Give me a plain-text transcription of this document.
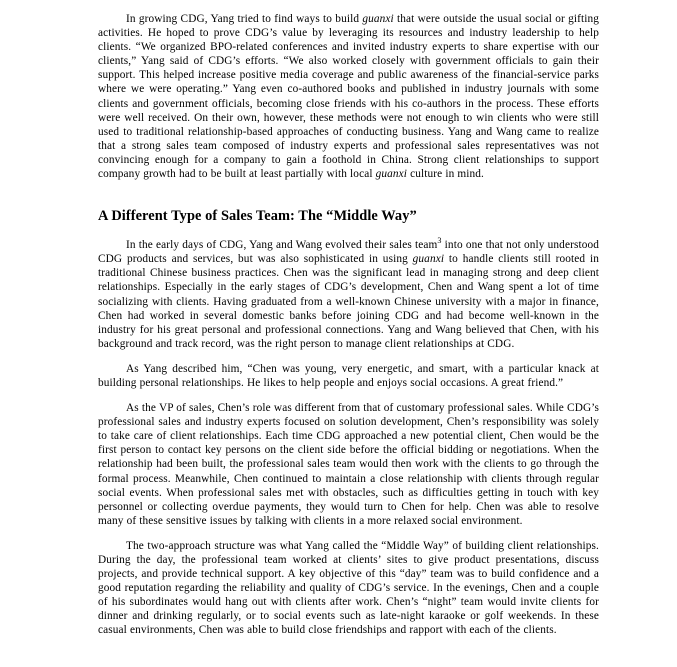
In growing CDG, Yang tried to find ways to build guanxi that were outside the usual social or gifting activities. He hoped to prove CDG’s value by leveraging its resources and industry leadership to help clients. “We organized BPO-related conferences and invited industry experts to share expertise with our clients,” Yang said of CDG’s efforts. “We also worked closely with government officials to gain their support. This helped increase positive media coverage and public awareness of the financial-service parks where we were operating.” Yang even co-authored books and published in industry journals with some clients and government officials, becoming close friends with his co-authors in the process. These efforts were well received. On their own, however, these methods were not enough to win clients who were still used to traditional relationship-based approaches of conducting business. Yang and Wang came to realize that a strong sales team composed of industry experts and professional sales representatives was not convincing enough for a company to gain a foothold in China. Strong client relationships to support company growth had to be built at least partially with local guanxi culture in mind.

A Different Type of Sales Team: The “Middle Way”

In the early days of CDG, Yang and Wang evolved their sales team$^3$ into one that not only understood CDG products and services, but was also sophisticated in using guanxi to handle clients still rooted in traditional Chinese business practices. Chen was the significant lead in managing strong and deep client relationships. Especially in the early stages of CDG’s development, Chen and Wang spent a lot of time socializing with clients. Having graduated from a well-known Chinese university with a major in finance, Chen had worked in several domestic banks before joining CDG and had become well-known in the industry for his great personal and professional connections. Yang and Wang believed that Chen, with his background and track record, was the right person to manage client relationships at CDG.

As Yang described him, “Chen was young, very energetic, and smart, with a particular knack at building personal relationships. He likes to help people and enjoys social occasions. A great friend.”

As the VP of sales, Chen’s role was different from that of customary professional sales. While CDG’s professional sales and industry experts focused on solution development, Chen’s responsibility was solely to take care of client relationships. Each time CDG approached a new potential client, Chen would be the first person to contact key persons on the client side before the official bidding or negotiations. When the relationship had been built, the professional sales team would then work with the clients to go through the formal process. Meanwhile, Chen continued to maintain a close relationship with clients through regular social events. When professional sales met with obstacles, such as difficulties getting in touch with key personnel or collecting overdue payments, they would turn to Chen for help. Chen was able to resolve many of these sensitive issues by talking with clients in a more relaxed social environment.

The two-approach structure was what Yang called the “Middle Way” of building client relationships. During the day, the professional team worked at clients’ sites to give product presentations, discuss projects, and provide technical support. A key objective of this “day” team was to build confidence and a good reputation regarding the reliability and quality of CDG’s service. In the evenings, Chen and a couple of his subordinates would hang out with clients after work. Chen’s “night” team would invite clients for dinner and drinking regularly, or to social events such as late-night karaoke or golf weekends. In these casual environments, Chen was able to build close friendships and rapport with each of the clients.
